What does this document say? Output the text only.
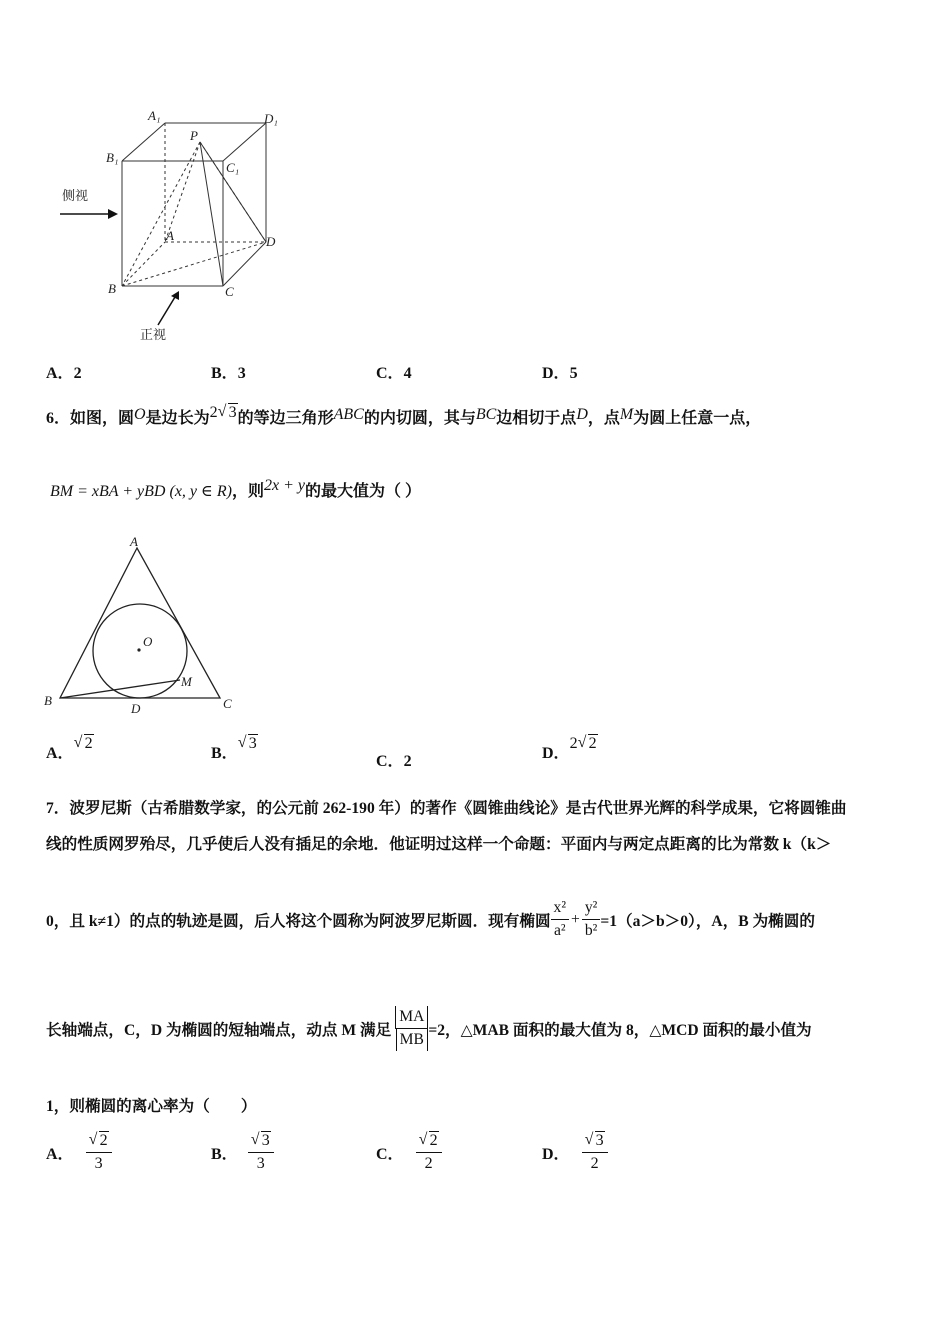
A₁	D₁
B₁
C₁
P
A	D
B	C
侧视
正视
A．2	B．3	C．4	D．5
6．如图，圆O是边长为2 √ 3的等边三角形ABC的内切圆，其与BC边相切于点D，点M为圆上任意一点，
BM = xBA + yBD (x, y ∈ R)，则2x + y的最大值为（ ）
A
B	C
D
O
M
A．√ 2
B．√ 3
C．2	D．2 √ 2
7．波罗尼斯（古希腊数学家，的公元前 262-190 年）的著作《圆锥曲线论》是古代世界光辉的科学成果，它将圆锥曲
线的性质网罗殆尽，几乎使后人没有插足的余地．他证明过这样一个命题：平面内与两定点距离的比为常数 k（k＞
0，且 k≠1）的点的轨迹是圆，后人将这个圆称为阿波罗尼斯圆．现有椭圆 $\frac{\text{x²}}{\text{a²}} + \frac{\text{y²}}{\text{b²}} =1(a>b>0)$，A，B 为椭圆的
长轴端点，C，D 为椭圆的短轴端点，动点 M 满足 $\frac{MA}{MB} =2$，△MAB 面积的最大值为 8，△MCD 面积的最小值为
1，则椭圆的离心率为（　　）
A． √ $\frac{2}{3}$	B． √ $\frac{3}{3}$	C． √ $\frac{2}{2}$	D． √ $\frac{3}{2}$
